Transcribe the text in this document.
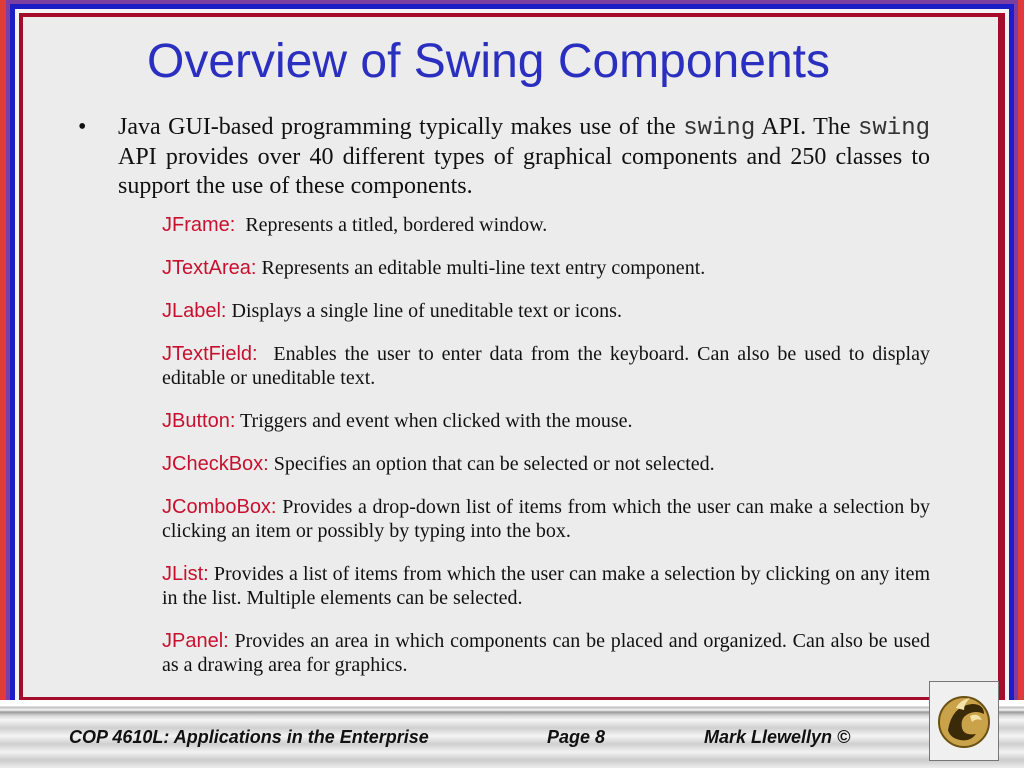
Overview of Swing Components
•	Java GUI-based programming typically makes use of the swing API. The swing API provides over 40 different types of graphical components and 250 classes to support the use of these components.
JFrame: Represents a titled, bordered window.
JTextArea: Represents an editable multi-line text entry component.
JLabel: Displays a single line of uneditable text or icons.
JTextField: Enables the user to enter data from the keyboard. Can also be used to display editable or uneditable text.
JButton: Triggers and event when clicked with the mouse.
JCheckBox: Specifies an option that can be selected or not selected.
JComboBox: Provides a drop-down list of items from which the user can make a selection by clicking an item or possibly by typing into the box.
JList: Provides a list of items from which the user can make a selection by clicking on any item in the list. Multiple elements can be selected.
JPanel: Provides an area in which components can be placed and organized. Can also be used as a drawing area for graphics.
COP 4610L: Applications in the Enterprise	Page 8	Mark Llewellyn ©
